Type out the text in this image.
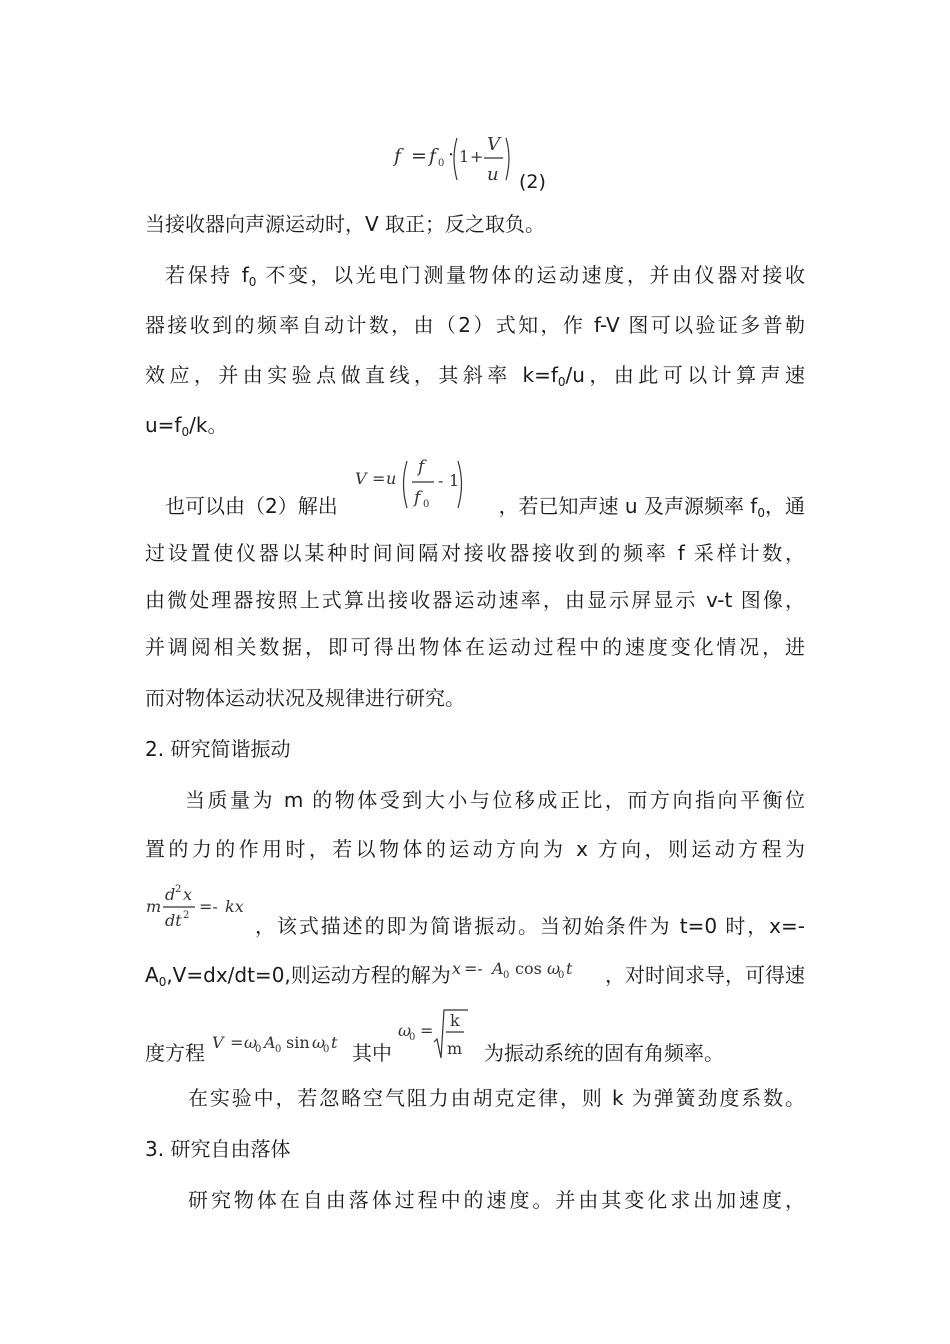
f = f 0 · 1 +
V
u (2)
当接收器向声源运动时，V 取正；反之取负。
若保持 $f_0$ 不变，以光电门测量物体的运动速度，并由仪器对接收
器接收到的频率自动计数，由（2）式知，作 f-V 图可以验证多普勒
效应，并由实验点做直线，其斜率 $k=f_0/u$，由此可以计算声速
$u=f_0/k$。
V = u
f
f 0
- 1
也可以由（2）解出	，若已知声速 u 及声源频率 $f_0$，通
过设置使仪器以某种时间间隔对接收器接收到的频率 f 采样计数，
由微处理器按照上式算出接收器运动速率，由显示屏显示 v-t 图像，
并调阅相关数据，即可得出物体在运动过程中的速度变化情况，进
而对物体运动状况及规律进行研究。
2. 研究简谐振动
当质量为 m 的物体受到大小与位移成正比，而方向指向平衡位
置的力的作用时，若以物体的运动方向为 x 方向，则运动方程为
m
d 2 x
dt 2 =- kx
，该式描述的即为简谐振动。当初始条件为 t=0 时，x=-
$A_0,V=dx/dt=0$,则运动方程的解为 x =- A 0 cos ω
0 t	，对时间求导，可得速
度方程 V = ω
0 A 0 sin ω
0 t 其中
ω
0 =
k
m 为振动系统的固有角频率。
在实验中，若忽略空气阻力由胡克定律，则 k 为弹簧劲度系数。
3. 研究自由落体
研究物体在自由落体过程中的速度。并由其变化求出加速度，
